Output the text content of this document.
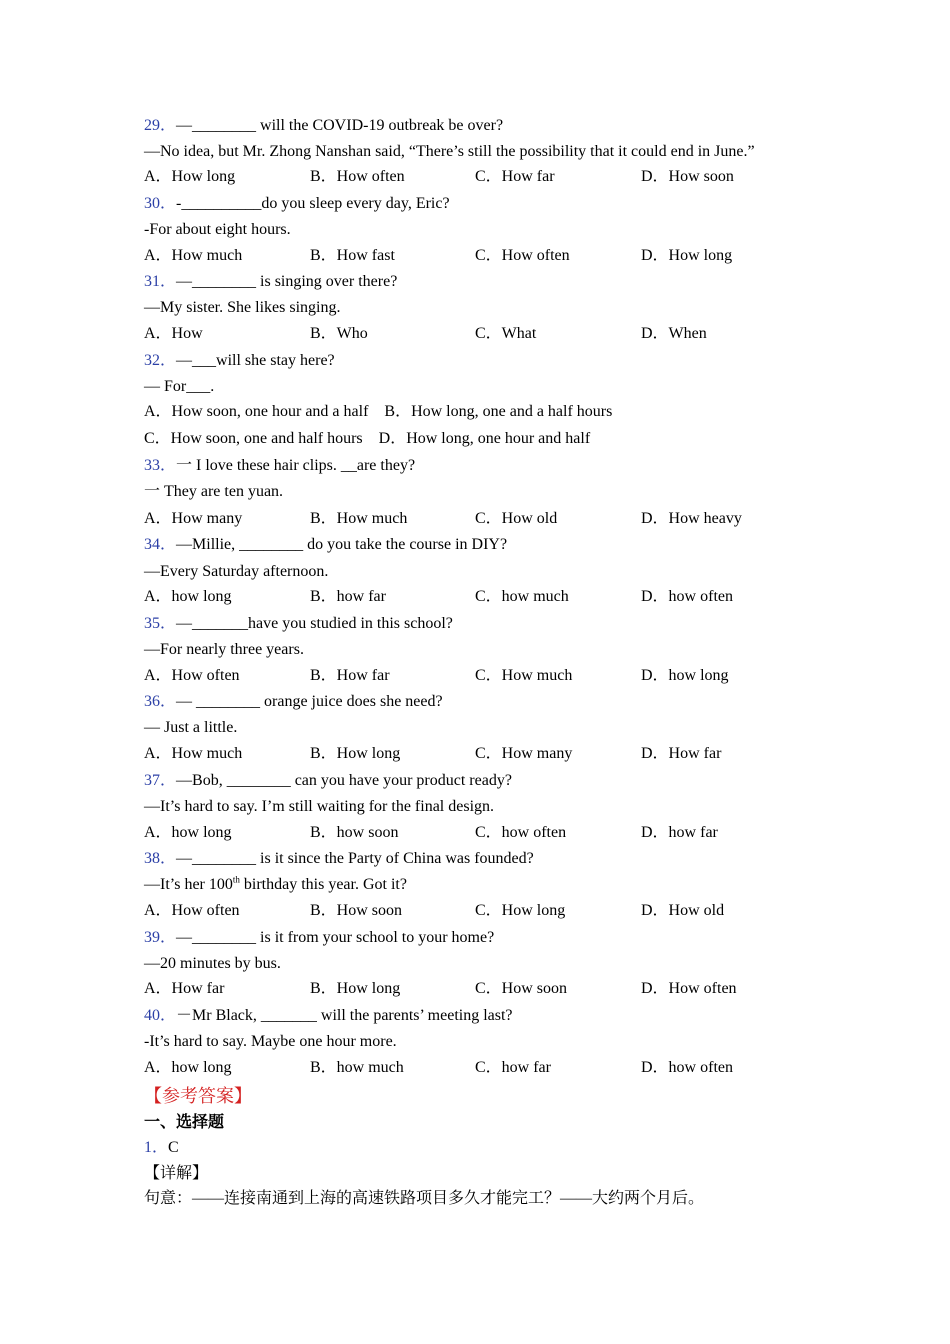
29．—________ will the COVID-19 outbreak be over?
—No idea, but Mr. Zhong Nanshan said, “There’s still the possibility that it could end in June.”
A．How long	B．How often	C．How far	D．How soon
30．-__________do you sleep every day, Eric?
-For about eight hours.
A．How much	B．How fast	C．How often	D．How long
31．—________ is singing over there?
—My sister. She likes singing.
A．How	B．Who	C．What	D．When
32．—___will she stay here?
— For___.
A．How soon, one hour and a half    B．How long, one and a half hours
C．How soon, one and half hours    D．How long, one hour and half
33．一 I love these hair clips. __are they?
一 They are ten yuan.
A．How many	B．How much	C．How old	D．How heavy
34．—Millie, ________ do you take the course in DIY?
—Every Saturday afternoon.
A．how long	B．how far	C．how much	D．how often
35．—_______have you studied in this school?
—For nearly three years.
A．How often	B．How far	C．How much	D．how long
36．— ________ orange juice does she need?
— Just a little.
A．How much	B．How long	C．How many	D．How far
37．—Bob, ________ can you have your product ready?
—It’s hard to say. I’m still waiting for the final design.
A．how long	B．how soon	C．how often	D．how far
38．—________ is it since the Party of China was founded?
—It’s her 100th birthday this year. Got it?
A．How often	B．How soon	C．How long	D．How old
39．—________ is it from your school to your home?
—20 minutes by bus.
A．How far	B．How long	C．How soon	D．How often
40．－Mr Black, _______ will the parents’ meeting last?
-It’s hard to say. Maybe one hour more.
A．how long	B．how much	C．how far	D．how often
【参考答案】
一、选择题
1．C
【详解】
句意：——连接南通到上海的高速铁路项目多久才能完工？——大约两个月后。
